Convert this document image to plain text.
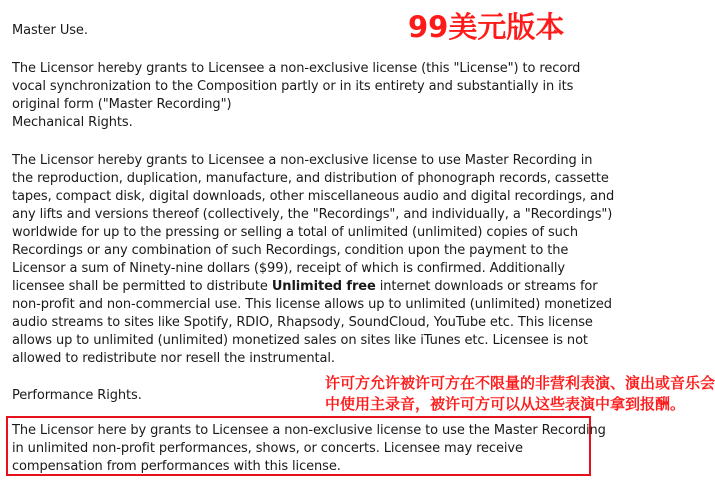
99美元版本
Master Use.
The Licensor hereby grants to Licensee a non-exclusive license (this "License") to record
vocal synchronization to the Composition partly or in its entirety and substantially in its
original form ("Master Recording")
Mechanical Rights.
The Licensor hereby grants to Licensee a non-exclusive license to use Master Recording in
the reproduction, duplication, manufacture, and distribution of phonograph records, cassette
tapes, compact disk, digital downloads, other miscellaneous audio and digital recordings, and
any lifts and versions thereof (collectively, the "Recordings", and individually, a "Recordings")
worldwide for up to the pressing or selling a total of unlimited (unlimited) copies of such
Recordings or any combination of such Recordings, condition upon the payment to the
Licensor a sum of Ninety-nine dollars ($99), receipt of which is confirmed. Additionally
licensee shall be permitted to distribute Unlimited free internet downloads or streams for
non-profit and non-commercial use. This license allows up to unlimited (unlimited) monetized
audio streams to sites like Spotify, RDIO, Rhapsody, SoundCloud, YouTube etc. This license
allows up to unlimited (unlimited) monetized sales on sites like iTunes etc. Licensee is not
allowed to redistribute nor resell the instrumental.
许可方允许被许可方在不限量的非营利表演、演出或音乐会
中使用主录音，被许可方可以从这些表演中拿到报酬。
Performance Rights.
The Licensor here by grants to Licensee a non-exclusive license to use the Master Recording
in unlimited non-profit performances, shows, or concerts. Licensee may receive
compensation from performances with this license.
